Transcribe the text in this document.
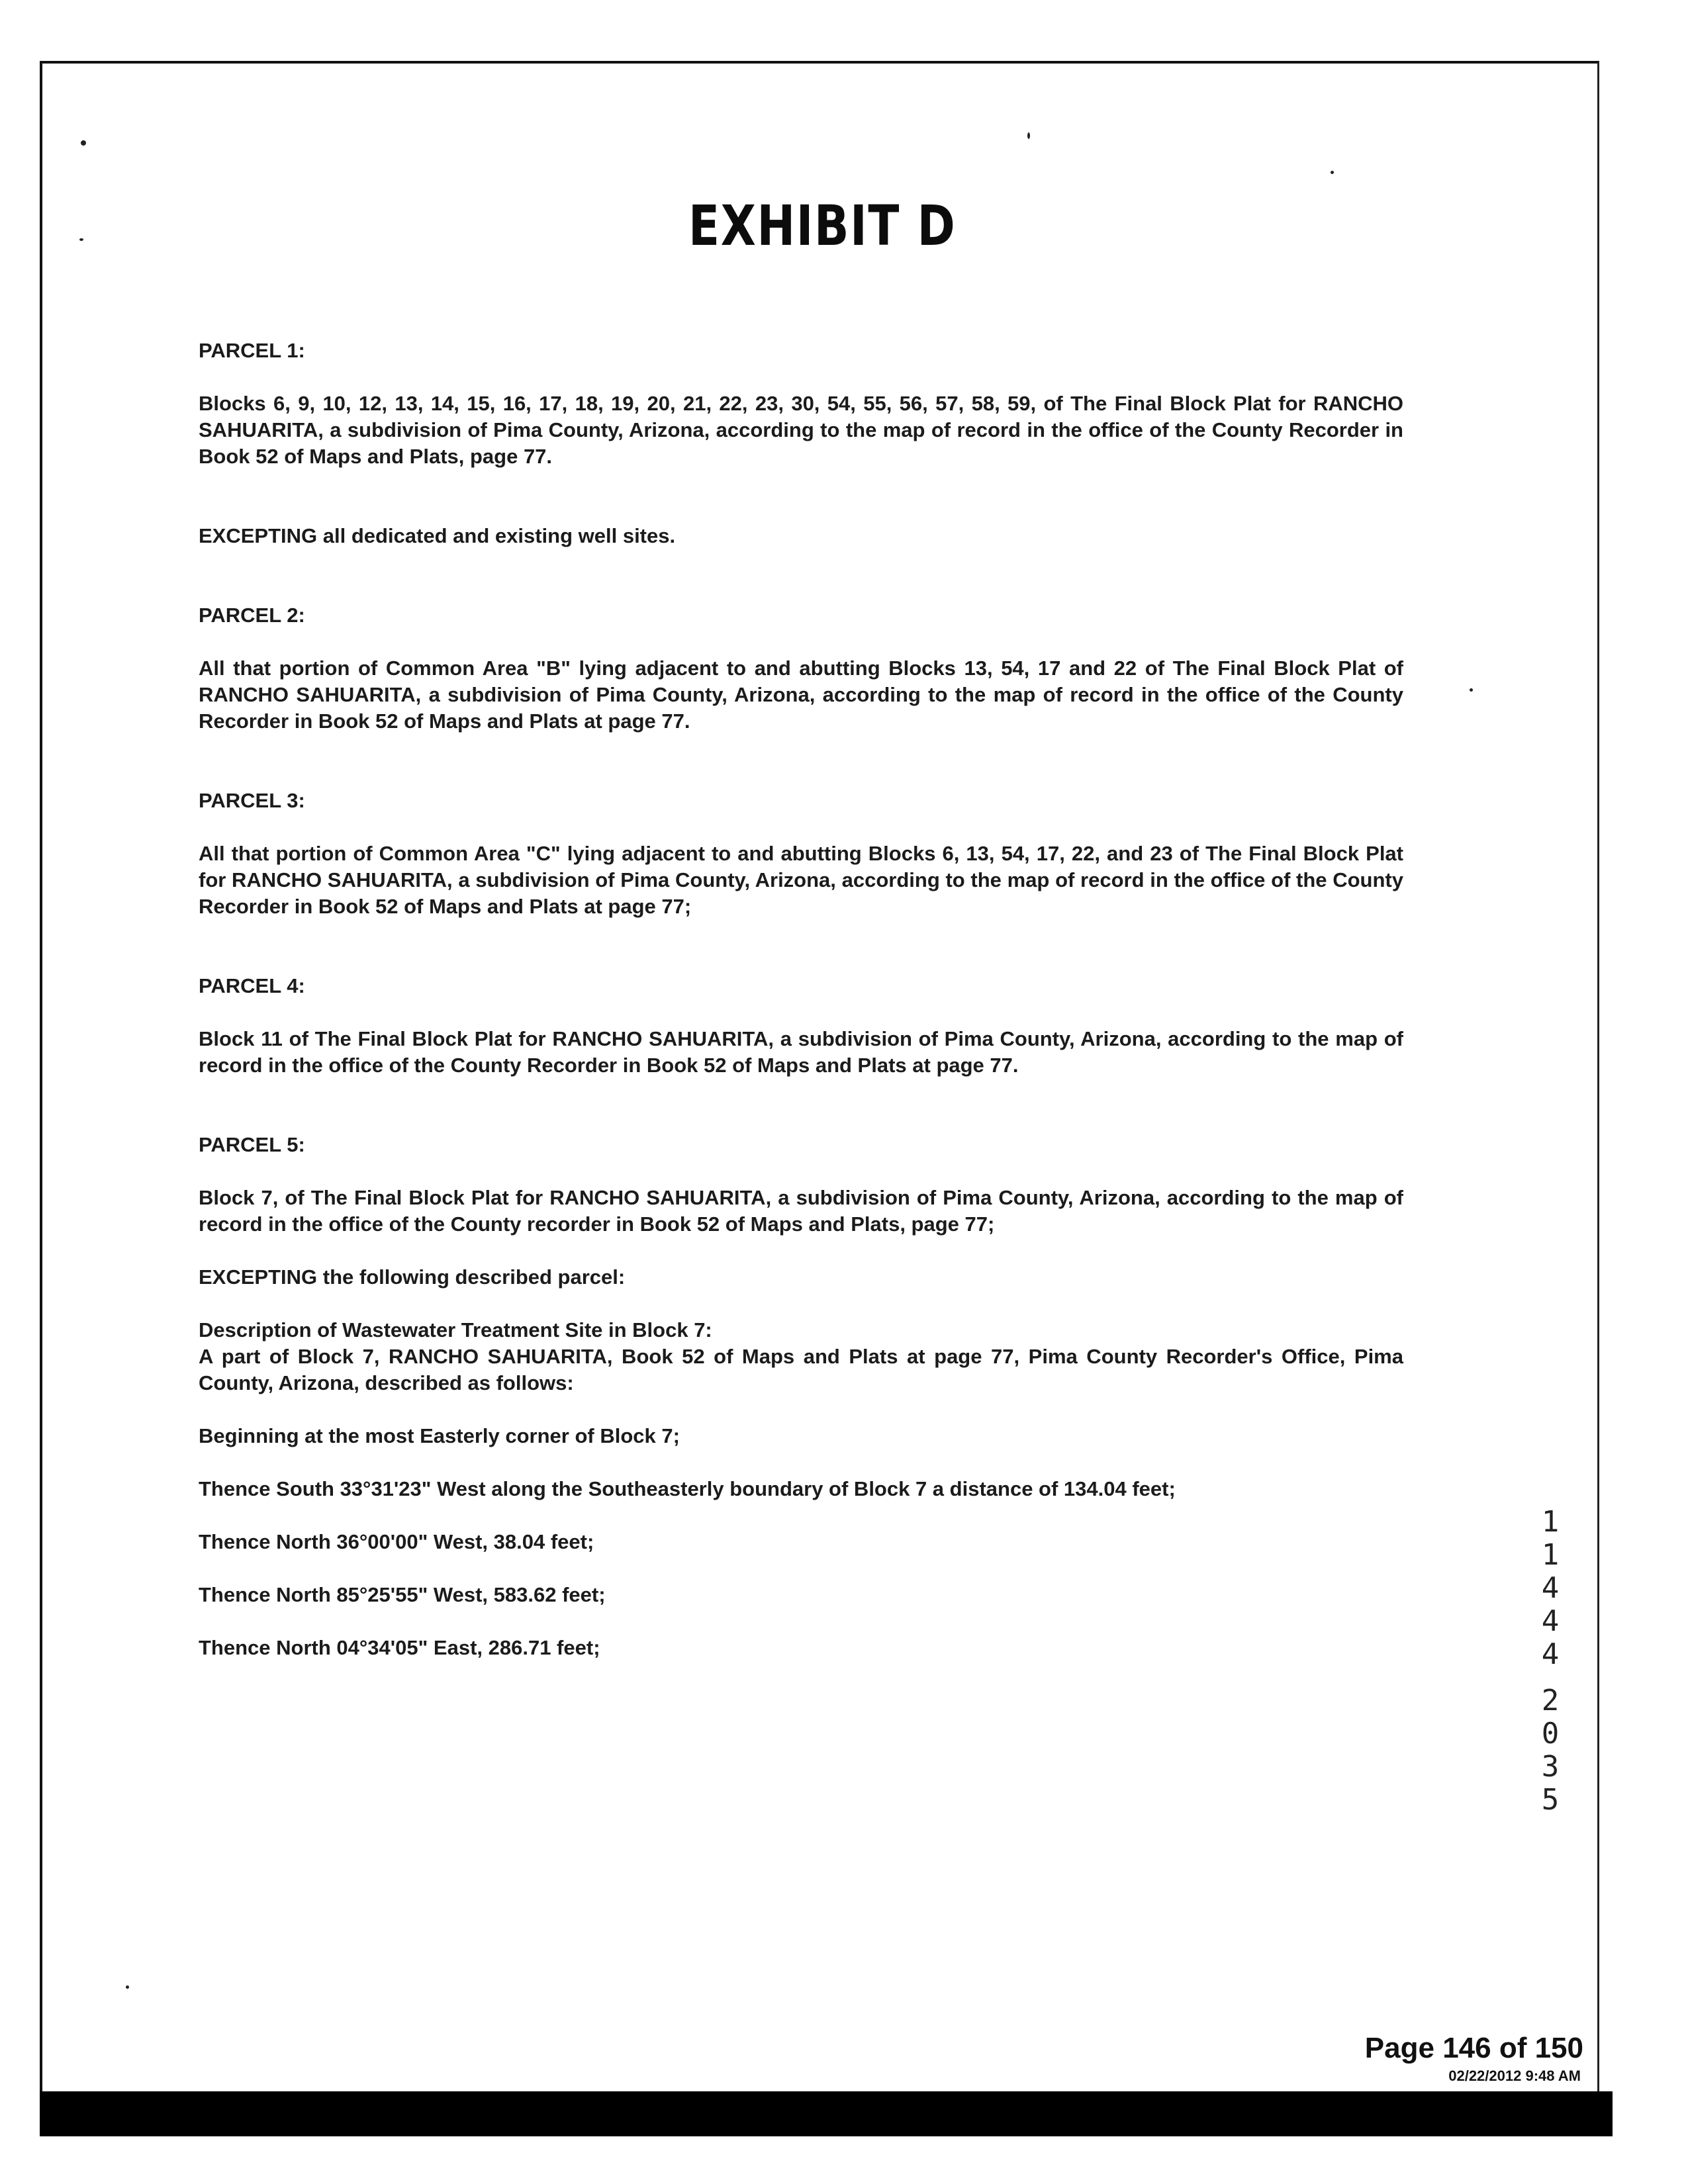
EXHIBIT D

PARCEL 1:

Blocks 6, 9, 10, 12, 13, 14, 15, 16, 17, 18, 19, 20, 21, 22, 23, 30, 54, 55, 56, 57, 58, 59, of The Final Block Plat for RANCHO SAHUARITA, a subdivision of Pima County, Arizona, according to the map of record in the office of the County Recorder in Book 52 of Maps and Plats, page 77.

EXCEPTING all dedicated and existing well sites.

PARCEL 2:

All that portion of Common Area "B" lying adjacent to and abutting Blocks 13, 54, 17 and 22 of The Final Block Plat of RANCHO SAHUARITA, a subdivision of Pima County, Arizona, according to the map of record in the office of the County Recorder in Book 52 of Maps and Plats at page 77.

PARCEL 3:

All that portion of Common Area "C" lying adjacent to and abutting Blocks 6, 13, 54, 17, 22, and 23 of The Final Block Plat for RANCHO SAHUARITA, a subdivision of Pima County, Arizona, according to the map of record in the office of the County Recorder in Book 52 of Maps and Plats at page 77;

PARCEL 4:

Block 11 of The Final Block Plat for RANCHO SAHUARITA, a subdivision of Pima County, Arizona, according to the map of record in the office of the County Recorder in Book 52 of Maps and Plats at page 77.

PARCEL 5:

Block 7, of The Final Block Plat for RANCHO SAHUARITA, a subdivision of Pima County, Arizona, according to the map of record in the office of the County recorder in Book 52 of Maps and Plats, page 77;

EXCEPTING the following described parcel:

Description of Wastewater Treatment Site in Block 7:

A part of Block 7, RANCHO SAHUARITA, Book 52 of Maps and Plats at page 77, Pima County Recorder's Office, Pima County, Arizona, described as follows:

Beginning at the most Easterly corner of Block 7;

Thence South 33°31'23" West along the Southeasterly boundary of Block 7 a distance of 134.04 feet;

Thence North 36°00'00" West, 38.04 feet;

Thence North 85°25'55" West, 583.62 feet;

Thence North 04°34'05" East, 286.71 feet;

1
1
4
4
4
2
0
3
5
Page 146 of 150
02/22/2012 9:48 AM
